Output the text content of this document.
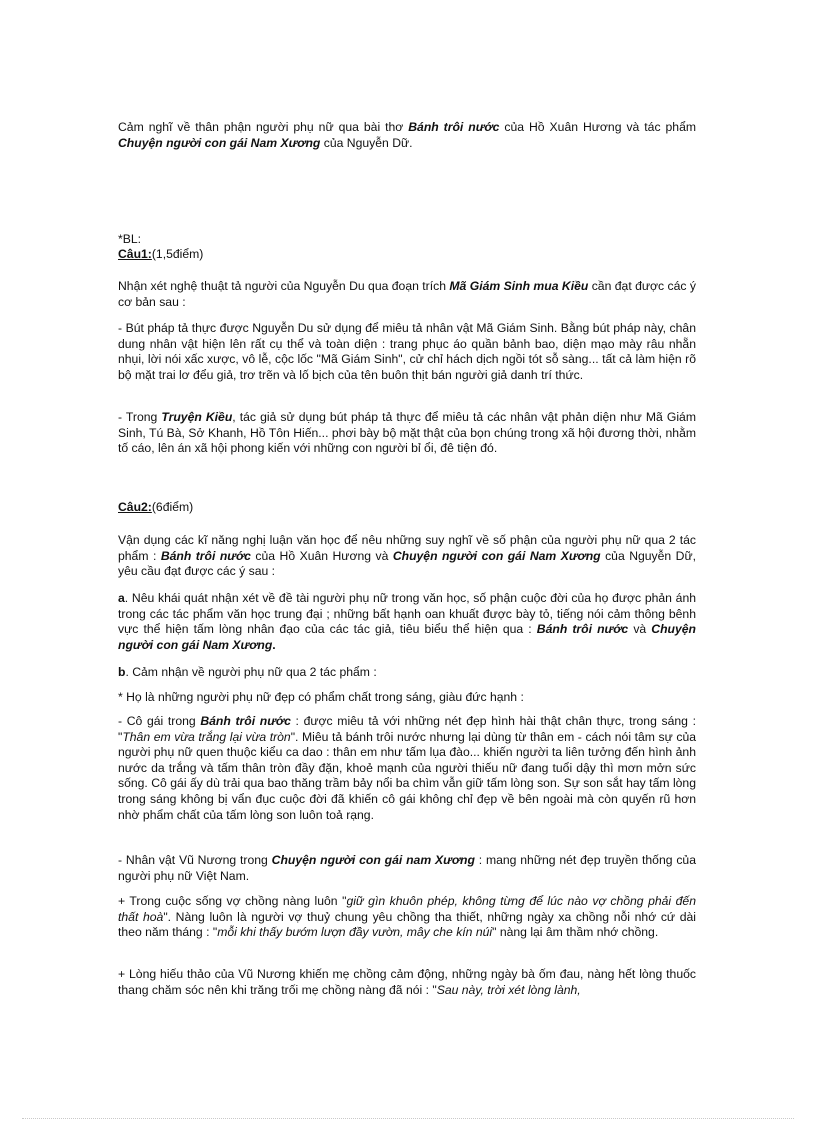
Cảm nghĩ về thân phận người phụ nữ qua bài thơ Bánh trôi nước của Hồ Xuân Hương và tác phẩm Chuyện người con gái Nam Xương của Nguyễn Dữ.

*BL:

Câu1:(1,5điểm)

Nhận xét nghệ thuật tả người của Nguyễn Du qua đoạn trích Mã Giám Sinh mua Kiều cần đạt được các ý cơ bản sau :

- Bút pháp tả thực được Nguyễn Du sử dụng để miêu tả nhân vật Mã Giám Sinh. Bằng bút pháp này, chân dung nhân vật hiện lên rất cụ thể và toàn diện : trang phục áo quần bảnh bao, diện mạo mày râu nhẵn nhụi, lời nói xấc xược, vô lễ, cộc lốc "Mã Giám Sinh", cử chỉ hách dịch ngồi tót sỗ sàng... tất cả làm hiện rõ bộ mặt trai lơ đểu giả, trơ trẽn và lố bịch của tên buôn thịt bán người giả danh trí thức.

- Trong Truyện Kiều, tác giả sử dụng bút pháp tả thực để miêu tả các nhân vật phản diện như Mã Giám Sinh, Tú Bà, Sở Khanh, Hồ Tôn Hiến... phơi bày bộ mặt thật của bọn chúng trong xã hội đương thời, nhằm tố cáo, lên án xã hội phong kiến với những con người bỉ ổi, đê tiện đó.

Câu2:(6điểm)

Vận dụng các kĩ năng nghị luận văn học để nêu những suy nghĩ về số phận của người phụ nữ qua 2 tác phẩm : Bánh trôi nước của Hồ Xuân Hương và Chuyện người con gái Nam Xương của Nguyễn Dữ, yêu cầu đạt được các ý sau :

a. Nêu khái quát nhận xét về đề tài người phụ nữ trong văn học, số phận cuộc đời của họ được phản ánh trong các tác phẩm văn học trung đại ; những bất hạnh oan khuất được bày tỏ, tiếng nói cảm thông bênh vực thể hiện tấm lòng nhân đạo của các tác giả, tiêu biểu thể hiện qua : Bánh trôi nước và Chuyện người con gái Nam Xương.

b. Cảm nhận về người phụ nữ qua 2 tác phẩm :

* Họ là những người phụ nữ đẹp có phẩm chất trong sáng, giàu đức hạnh :

- Cô gái trong Bánh trôi nước : được miêu tả với những nét đẹp hình hài thật chân thực, trong sáng : "Thân em vừa trắng lại vừa tròn". Miêu tả bánh trôi nước nhưng lại dùng từ thân em - cách nói tâm sự của người phụ nữ quen thuộc kiểu ca dao : thân em như tấm lụa đào... khiến người ta liên tưởng đến hình ảnh nước da trắng và tấm thân tròn đầy đặn, khoẻ mạnh của người thiếu nữ đang tuổi dậy thì mơn mởn sức sống. Cô gái ấy dù trải qua bao thăng trầm bảy nổi ba chìm vẫn giữ tấm lòng son. Sự son sắt hay tấm lòng trong sáng không bị vẩn đục cuộc đời đã khiến cô gái không chỉ đẹp về bên ngoài mà còn quyến rũ hơn nhờ phẩm chất của tấm lòng son luôn toả rạng.

- Nhân vật Vũ Nương trong Chuyện người con gái nam Xương : mang những nét đẹp truyền thống của người phụ nữ Việt Nam.

+ Trong cuộc sống vợ chồng nàng luôn "giữ gìn khuôn phép, không từng để lúc nào vợ chồng phải đến thất hoà". Nàng luôn là người vợ thuỷ chung yêu chồng tha thiết, những ngày xa chồng nỗi nhớ cứ dài theo năm tháng : "mỗi khi thấy bướm lượn đầy vườn, mây che kín núi" nàng lại âm thầm nhớ chồng.

+ Lòng hiếu thảo của Vũ Nương khiến mẹ chồng cảm động, những ngày bà ốm đau, nàng hết lòng thuốc thang chăm sóc nên khi trăng trối mẹ chồng nàng đã nói : "Sau này, trời xét lòng lành,
